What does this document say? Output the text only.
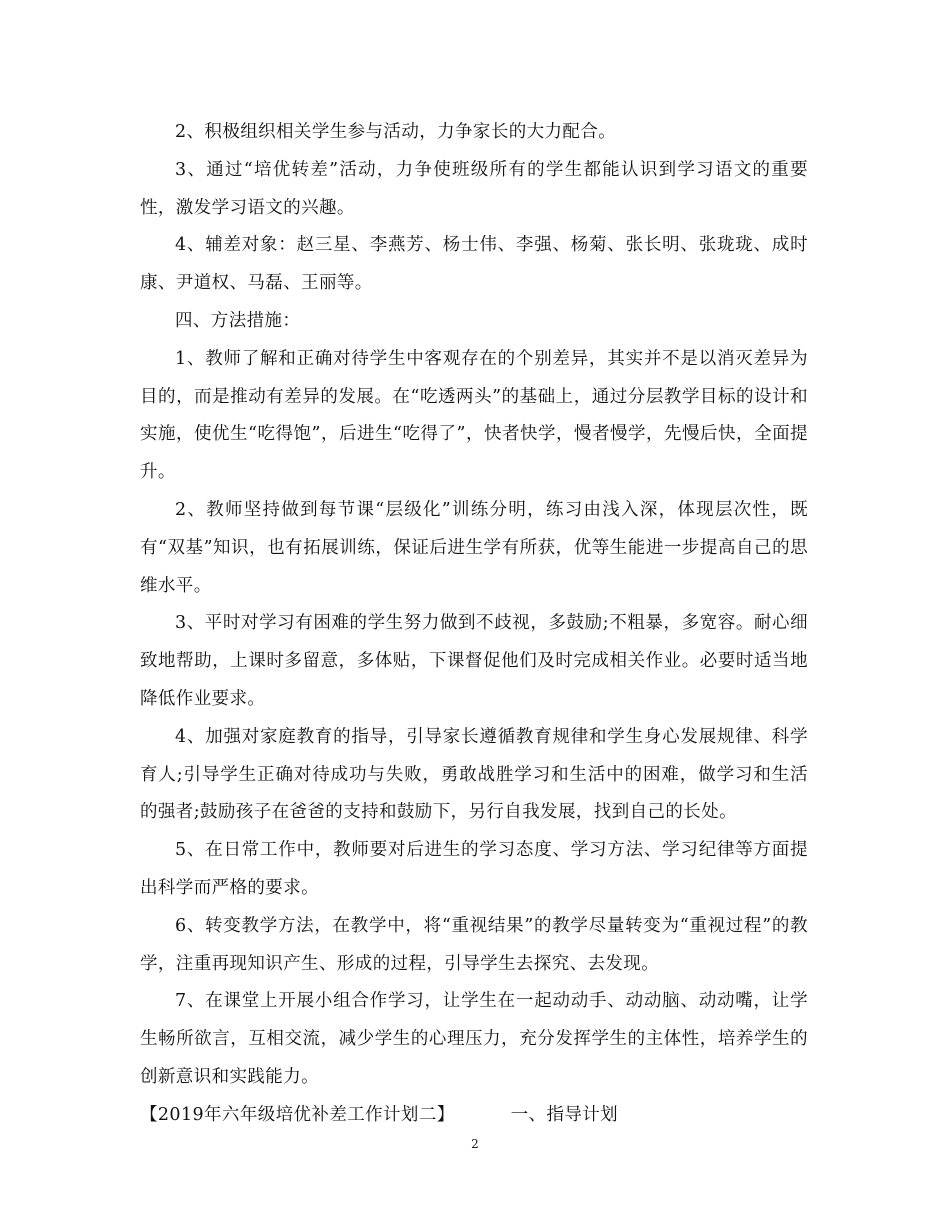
2、积极组织相关学生参与活动，力争家长的大力配合。

3、通过“培优转差”活动，力争使班级所有的学生都能认识到学习语文的重要性，激发学习语文的兴趣。

4、辅差对象：赵三星、李燕芳、杨士伟、李强、杨菊、张长明、张珑珑、成时康、尹道权、马磊、王丽等。

四、方法措施：

1、教师了解和正确对待学生中客观存在的个别差异，其实并不是以消灭差异为目的，而是推动有差异的发展。在“吃透两头”的基础上，通过分层教学目标的设计和实施，使优生“吃得饱”，后进生“吃得了”，快者快学，慢者慢学，先慢后快，全面提升。

2、教师坚持做到每节课“层级化”训练分明，练习由浅入深，体现层次性，既有“双基”知识，也有拓展训练，保证后进生学有所获，优等生能进一步提高自己的思维水平。

3、平时对学习有困难的学生努力做到不歧视，多鼓励;不粗暴，多宽容。耐心细致地帮助，上课时多留意，多体贴，下课督促他们及时完成相关作业。必要时适当地降低作业要求。

4、加强对家庭教育的指导，引导家长遵循教育规律和学生身心发展规律、科学育人;引导学生正确对待成功与失败，勇敢战胜学习和生活中的困难，做学习和生活的强者;鼓励孩子在爸爸的支持和鼓励下，另行自我发展，找到自己的长处。

5、在日常工作中，教师要对后进生的学习态度、学习方法、学习纪律等方面提出科学而严格的要求。

6、转变教学方法，在教学中，将“重视结果”的教学尽量转变为“重视过程”的教学，注重再现知识产生、形成的过程，引导学生去探究、去发现。

7、在课堂上开展小组合作学习，让学生在一起动动手、动动脑、动动嘴，让学生畅所欲言，互相交流，减少学生的心理压力，充分发挥学生的主体性，培养学生的创新意识和实践能力。

【2019年六年级培优补差工作计划二】	一、指导计划

2
